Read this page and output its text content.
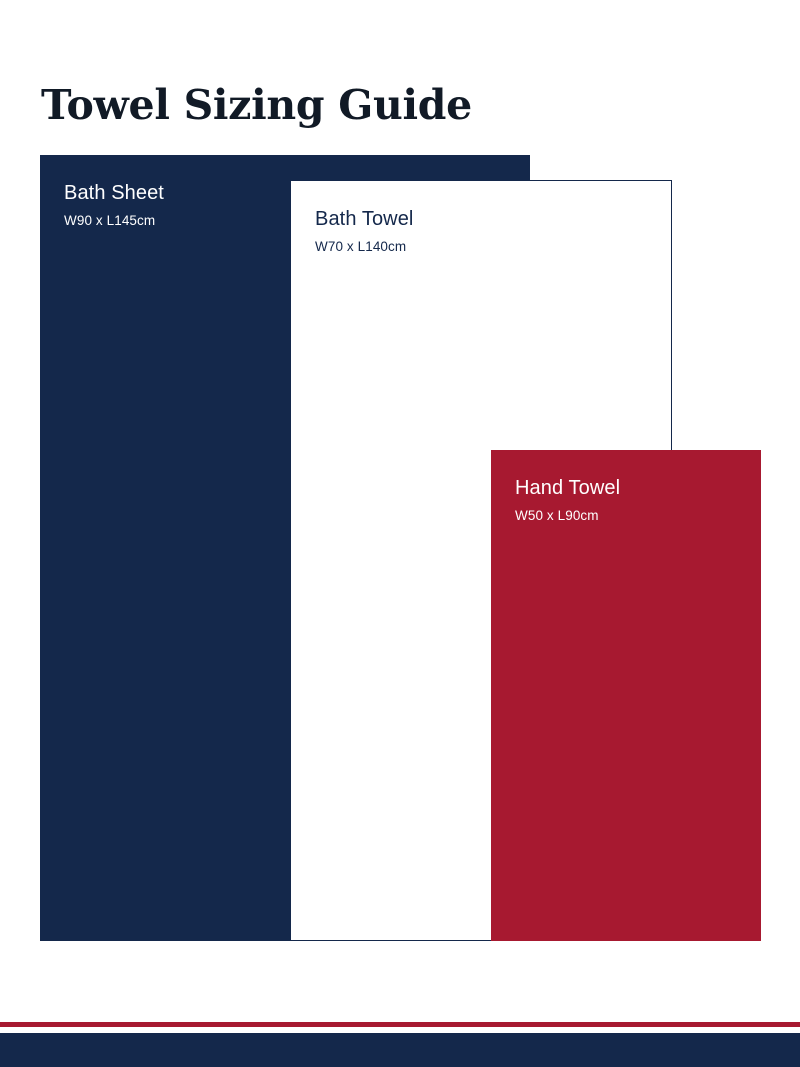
Towel Sizing Guide

Bath Sheet

W90 x L145cm	Bath Towel

W70 x L140cm

Hand Towel

W50 x L90cm
